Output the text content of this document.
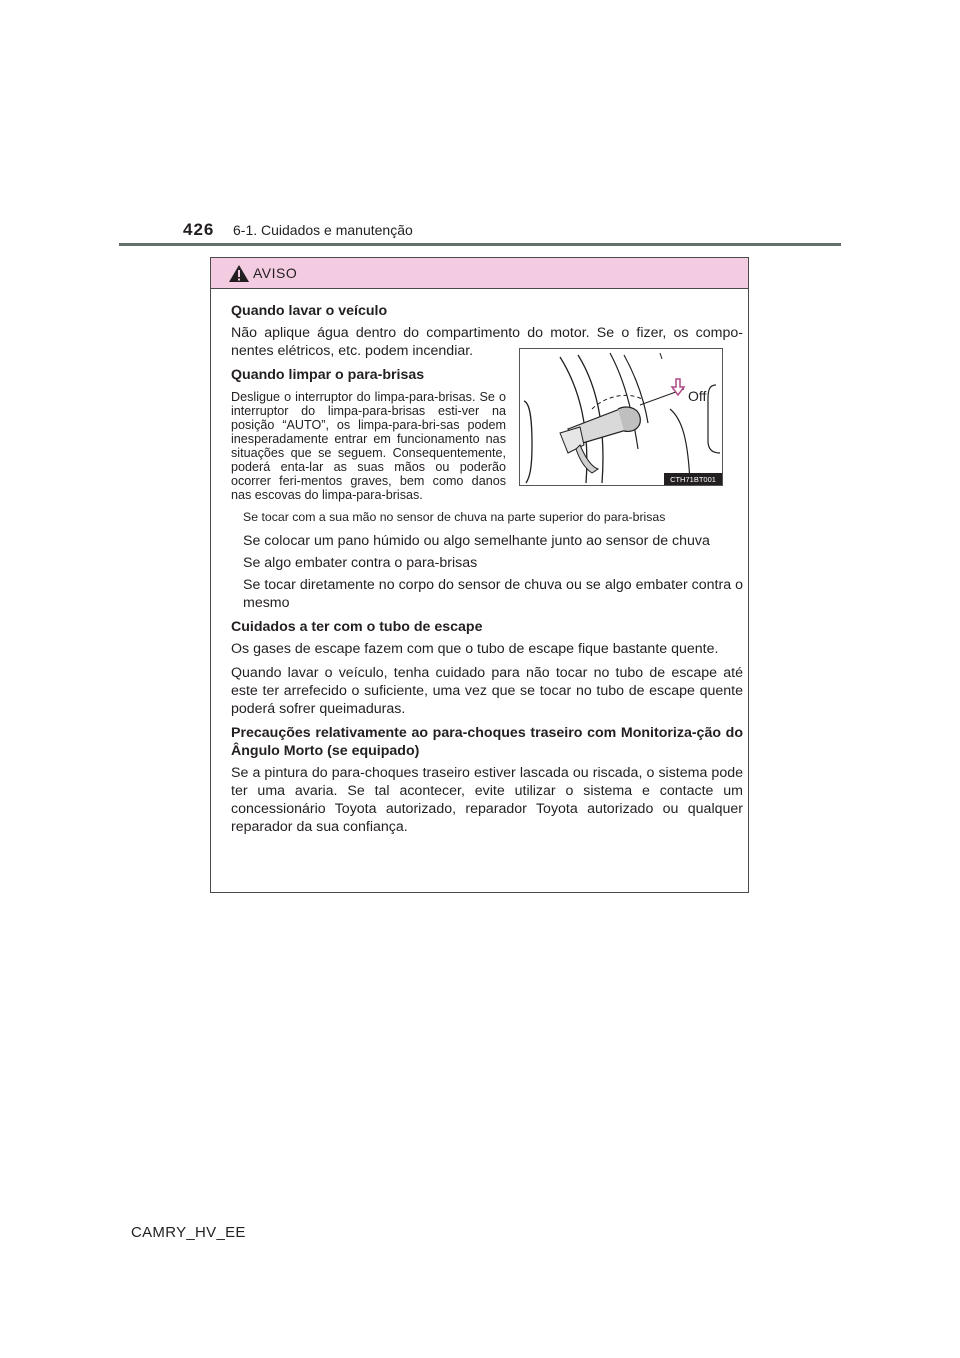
426 6-1. Cuidados e manutenção
AVISO
Quando lavar o veículo
Não aplique água dentro do compartimento do motor. Se o fizer, os compo-nentes elétricos, etc. podem incendiar.
Quando limpar o para-brisas
Desligue o interruptor do limpa-para-brisas. Se o interruptor do limpa-para-brisas esti-ver na posição “AUTO”, os limpa-para-bri-sas podem inesperadamente entrar em funcionamento nas situações que se seguem. Consequentemente, poderá enta-lar as suas mãos ou poderão ocorrer feri-mentos graves, bem como danos nas escovas do limpa-para-brisas.
Se tocar com a sua mão no sensor de chuva na parte superior do para-brisas
Se colocar um pano húmido ou algo semelhante junto ao sensor de chuva
Se algo embater contra o para-brisas
Se tocar diretamente no corpo do sensor de chuva ou se algo embater contra o mesmo
Cuidados a ter com o tubo de escape
Os gases de escape fazem com que o tubo de escape fique bastante quente.
Quando lavar o veículo, tenha cuidado para não tocar no tubo de escape até este ter arrefecido o suficiente, uma vez que se tocar no tubo de escape quente poderá sofrer queimaduras.
Precauções relativamente ao para-choques traseiro com Monitoriza-ção do Ângulo Morto (se equipado)
Se a pintura do para-choques traseiro estiver lascada ou riscada, o sistema pode ter uma avaria. Se tal acontecer, evite utilizar o sistema e contacte um concessionário Toyota autorizado, reparador Toyota autorizado ou qualquer reparador da sua confiança.
Off
CTH71BT001
CAMRY_HV_EE
